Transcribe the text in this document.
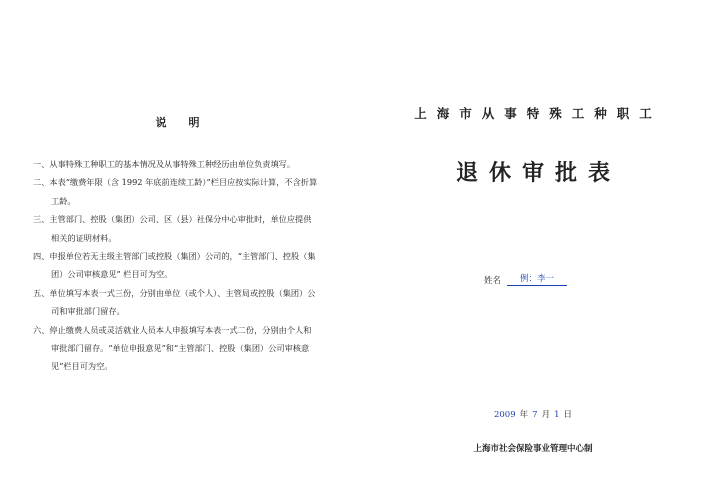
说明
一、从事特殊工种职工的基本情况及从事特殊工种经历由单位负责填写。
二、本表“缴费年限（含 1992 年底前连续工龄）”栏目应按实际计算，不含折算工龄。
三、主管部门、控股（集团）公司、区（县）社保分中心审批时，单位应提供相关的证明材料。
四、申报单位若无主级主管部门或控股（集团）公司的，“主管部门、控股（集团）公司审核意见” 栏目可为空。
五、单位填写本表一式三份，分别由单位（或个人）、主管局或控股（集团）公司和审批部门留存。
六、停止缴费人员或灵活就业人员本人申报填写本表一式二份，分别由个人和审批部门留存。“单位申报意见”和“主管部门、控股（集团）公司审核意见”栏目可为空。
上海市从事特殊工种职工
退休审批表
姓名	例：李一
2009 年 7 月 1 日
上海市社会保险事业管理中心制
